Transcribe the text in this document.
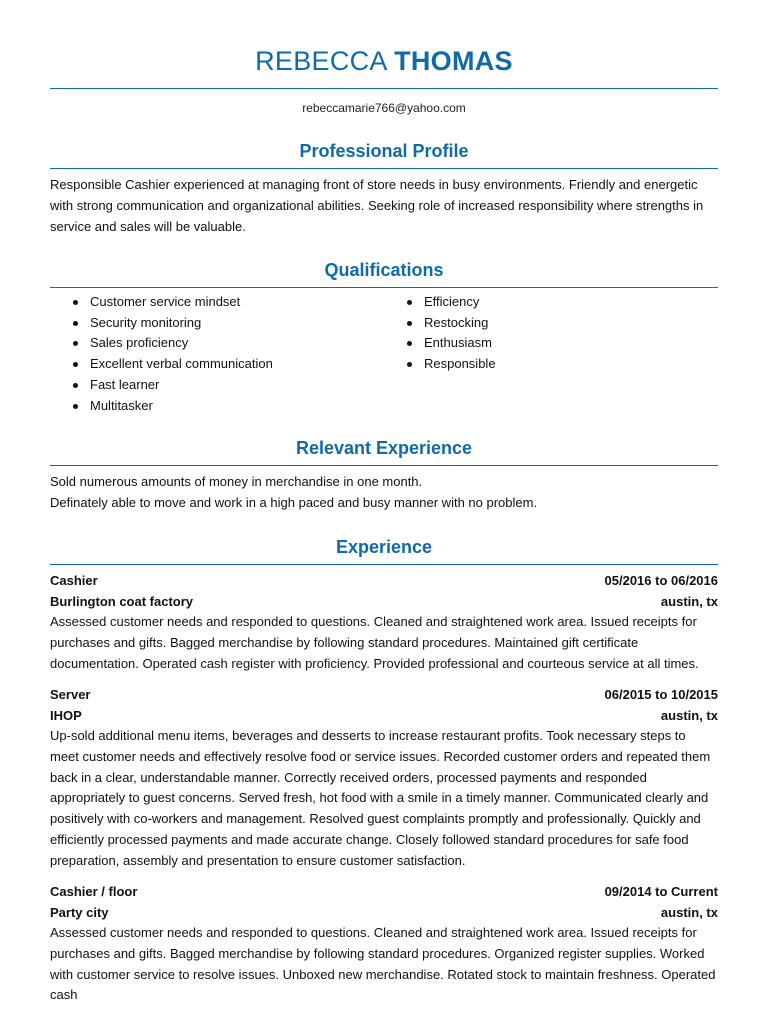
REBECCA THOMAS
rebeccamarie766@yahoo.com
Professional Profile
Responsible Cashier experienced at managing front of store needs in busy environments. Friendly and energetic with strong communication and organizational abilities. Seeking role of increased responsibility where strengths in service and sales will be valuable.
Qualifications
Customer service mindset
Security monitoring
Sales proficiency
Excellent verbal communication
Fast learner
Multitasker
Efficiency
Restocking
Enthusiasm
Responsible
Relevant Experience
Sold numerous amounts of money in merchandise in one month.
Definately able to move and work in a high paced and busy manner with no problem.
Experience
Cashier	05/2016 to 06/2016
Burlington coat factory	austin, tx
Assessed customer needs and responded to questions. Cleaned and straightened work area. Issued receipts for purchases and gifts. Bagged merchandise by following standard procedures. Maintained gift certificate documentation. Operated cash register with proficiency. Provided professional and courteous service at all times.
Server	06/2015 to 10/2015
IHOP	austin, tx
Up-sold additional menu items, beverages and desserts to increase restaurant profits. Took necessary steps to meet customer needs and effectively resolve food or service issues. Recorded customer orders and repeated them back in a clear, understandable manner. Correctly received orders, processed payments and responded appropriately to guest concerns. Served fresh, hot food with a smile in a timely manner. Communicated clearly and positively with co-workers and management. Resolved guest complaints promptly and professionally. Quickly and efficiently processed payments and made accurate change. Closely followed standard procedures for safe food preparation, assembly and presentation to ensure customer satisfaction.
Cashier / floor	09/2014 to Current
Party city	austin, tx
Assessed customer needs and responded to questions. Cleaned and straightened work area. Issued receipts for purchases and gifts. Bagged merchandise by following standard procedures. Organized register supplies. Worked with customer service to resolve issues. Unboxed new merchandise. Rotated stock to maintain freshness. Operated cash
